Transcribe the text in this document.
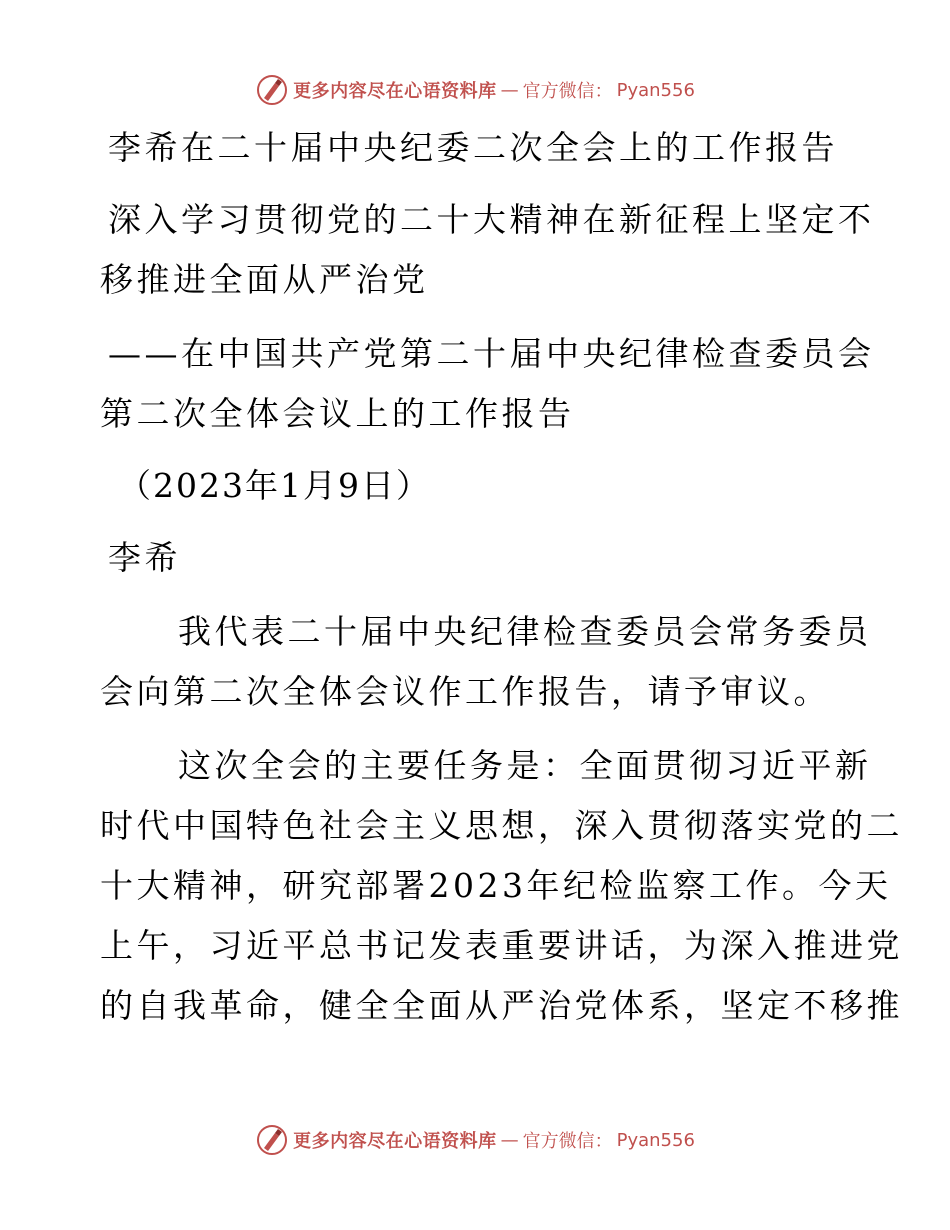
更多内容尽在心语资料库 — 官方微信： Pyan556
李希在二十届中央纪委二次全会上的工作报告
深入学习贯彻党的二十大精神在新征程上坚定不
移推进全面从严治党
——在中国共产党第二十届中央纪律检查委员会
第二次全体会议上的工作报告
（2023年1月9日）
李希
我代表二十届中央纪律检查委员会常务委员
会向第二次全体会议作工作报告，请予审议。
这次全会的主要任务是：全面贯彻习近平新
时代中国特色社会主义思想，深入贯彻落实党的二
十大精神，研究部署2023年纪检监察工作。今天
上午，习近平总书记发表重要讲话，为深入推进党
的自我革命，健全全面从严治党体系，坚定不移推
更多内容尽在心语资料库 — 官方微信： Pyan556
